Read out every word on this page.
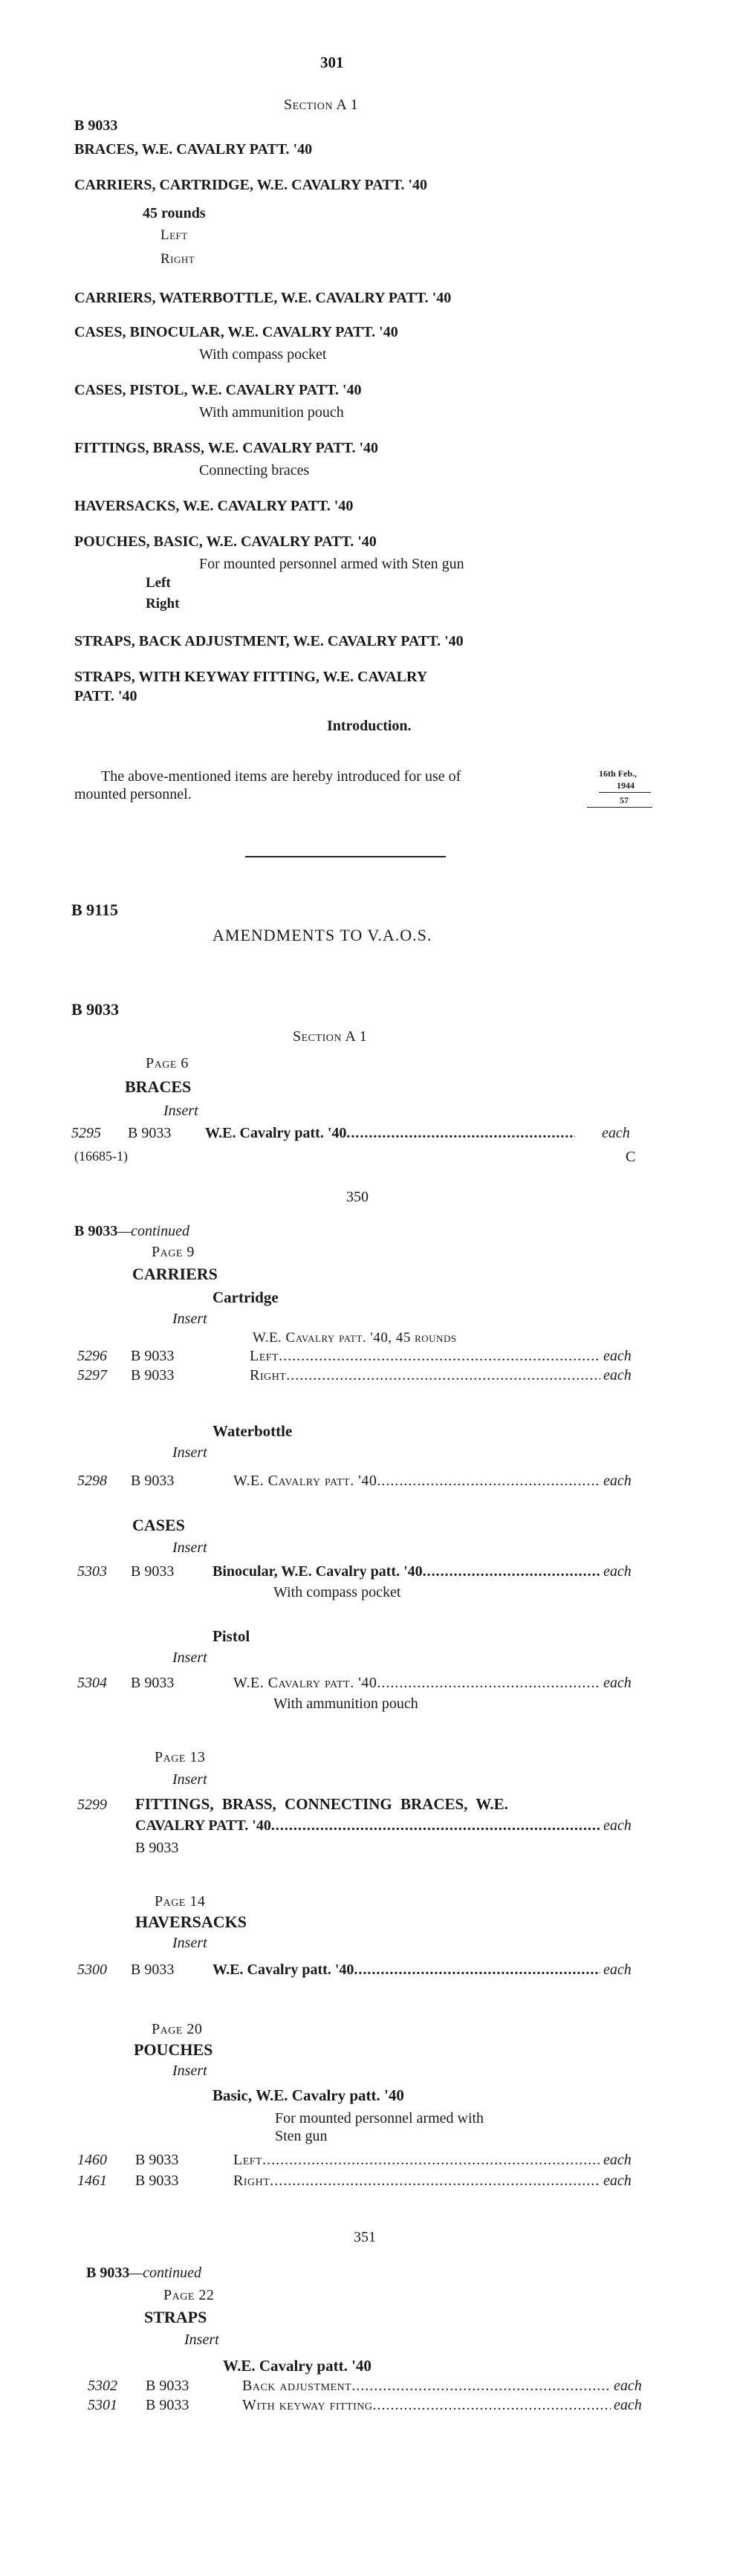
301
Section A 1
B 9033
BRACES, W.E. CAVALRY PATT. '40
CARRIERS, CARTRIDGE, W.E. CAVALRY PATT. '40
45 rounds
Left
Right
CARRIERS, WATERBOTTLE, W.E. CAVALRY PATT. '40
CASES, BINOCULAR, W.E. CAVALRY PATT. '40
With compass pocket
CASES, PISTOL, W.E. CAVALRY PATT. '40
With ammunition pouch
FITTINGS, BRASS, W.E. CAVALRY PATT. '40
Connecting braces
HAVERSACKS, W.E. CAVALRY PATT. '40
POUCHES, BASIC, W.E. CAVALRY PATT. '40
For mounted personnel armed with Sten gun
Left
Right
STRAPS, BACK ADJUSTMENT, W.E. CAVALRY PATT. '40
STRAPS, WITH KEYWAY FITTING, W.E. CAVALRY
PATT. '40
Introduction.
The above-mentioned items are hereby introduced for use of
mounted personnel.
16th Feb.,
1944
57
B 9115
AMENDMENTS TO V.A.O.S.
B 9033
Section A 1
Page 6
BRACES
Insert
5295 B 9033 W.E. Cavalry patt. '40 .....	each
(16685-1)	C
350
B 9033—continued
Page 9
CARRIERS
Cartridge
Insert
W.E. Cavalry patt. '40, 45 rounds
5296 B 9033	Left .....	each
5297 B 9033	Right .....	each
Waterbottle
Insert
5298 B 9033	W.E. Cavalry patt. '40 .....	each
CASES
Insert
5303 B 9033	Binocular, W.E. Cavalry patt. '40 .....	each
With compass pocket
Pistol
Insert
5304 B 9033	W.E. Cavalry patt. '40 .....	each
With ammunition pouch
Page 13
Insert
5299 FITTINGS, BRASS, CONNECTING BRACES, W.E.
CAVALRY PATT. '40 .....	each
B 9033
Page 14
HAVERSACKS
Insert
5300 B 9033	W.E. Cavalry patt. '40 .....	each
Page 20
POUCHES
Insert
Basic, W.E. Cavalry patt. '40
For mounted personnel armed with
Sten gun
1460 B 9033	Left .....	each
1461 B 9033	Right .....	each
351
B 9033—continued
Page 22
STRAPS
Insert
W.E. Cavalry patt. '40
5302 B 9033	Back adjustment .....	each
5301 B 9033	With keyway fitting .....	each
